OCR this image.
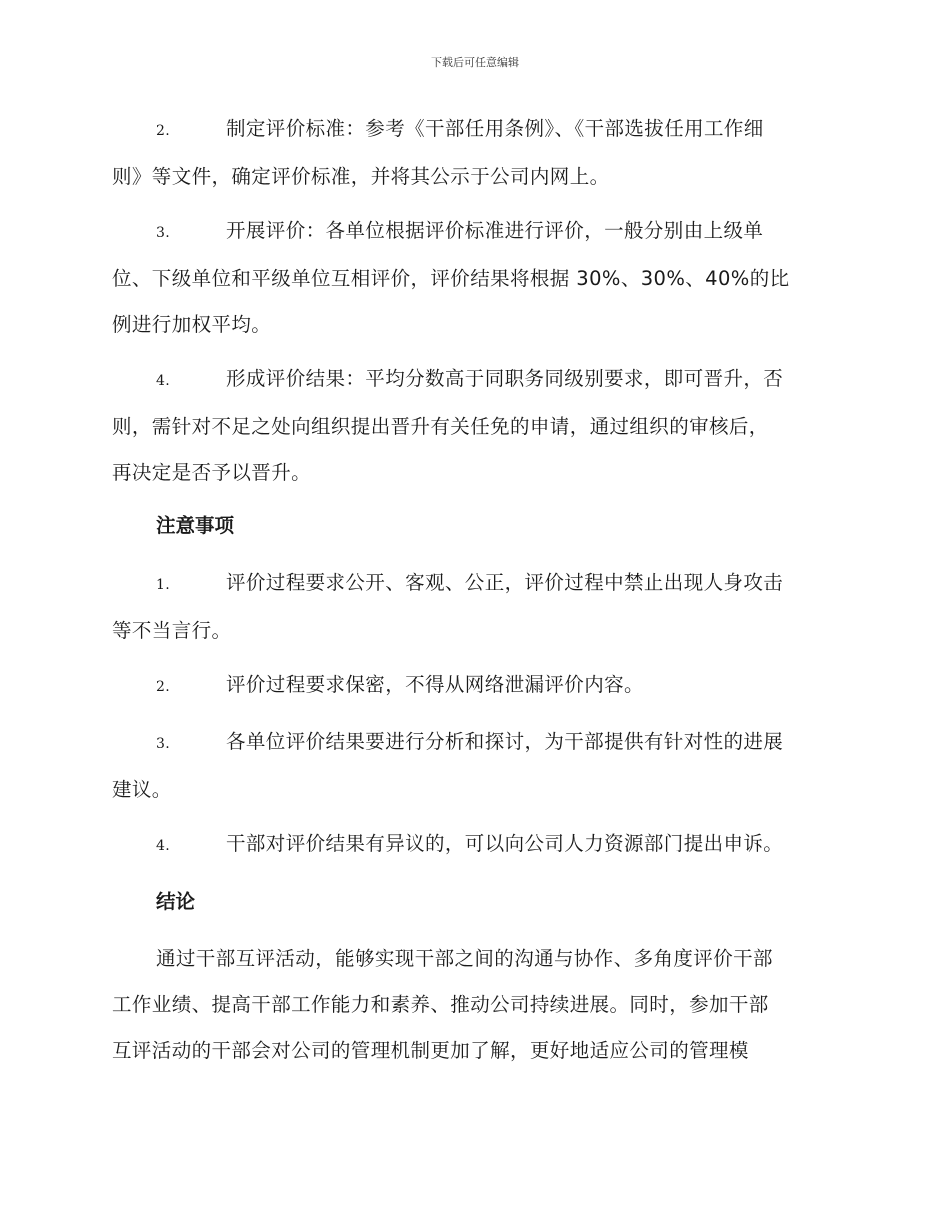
下载后可任意编辑

2.	制定评价标准：参考《干部任用条例》、《干部选拔任用工作细
则》等文件，确定评价标准，并将其公示于公司内网上。

3.	开展评价：各单位根据评价标准进行评价，一般分别由上级单
位、下级单位和平级单位互相评价，评价结果将根据 30%、30%、40%的比
例进行加权平均。

4.	形成评价结果：平均分数高于同职务同级别要求，即可晋升，否
则，需针对不足之处向组织提出晋升有关任免的申请，通过组织的审核后，
再决定是否予以晋升。

注意事项

1.	评价过程要求公开、客观、公正，评价过程中禁止出现人身攻击
等不当言行。

2.	评价过程要求保密，不得从网络泄漏评价内容。

3.	各单位评价结果要进行分析和探讨，为干部提供有针对性的进展
建议。

4.	干部对评价结果有异议的，可以向公司人力资源部门提出申诉。

结论

通过干部互评活动，能够实现干部之间的沟通与协作、多角度评价干部
工作业绩、提高干部工作能力和素养、推动公司持续进展。同时，参加干部
互评活动的干部会对公司的管理机制更加了解，更好地适应公司的管理模
